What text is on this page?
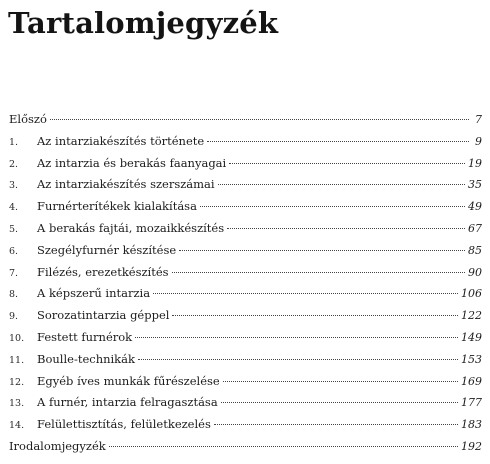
Tartalomjegyzék
Előszó	7
1.	Az intarziakészítés története	9
2.	Az intarzia és berakás faanyagai	19
3.	Az intarziakészítés szerszámai	35
4.	Furnérterítékek kialakítása	49
5.	A berakás fajtái, mozaikkészítés	67
6.	Szegélyfurnér készítése	85
7.	Filézés, erezetkészítés	90
8.	A képszerű intarzia	106
9.	Sorozatintarzia géppel	122
10.	Festett furnérok	149
11.	Boulle-technikák	153
12.	Egyéb íves munkák fűrészelése	169
13.	A furnér, intarzia felragasztása	177
14.	Felülettisztítás, felületkezelés	183
Irodalomjegyzék	192
